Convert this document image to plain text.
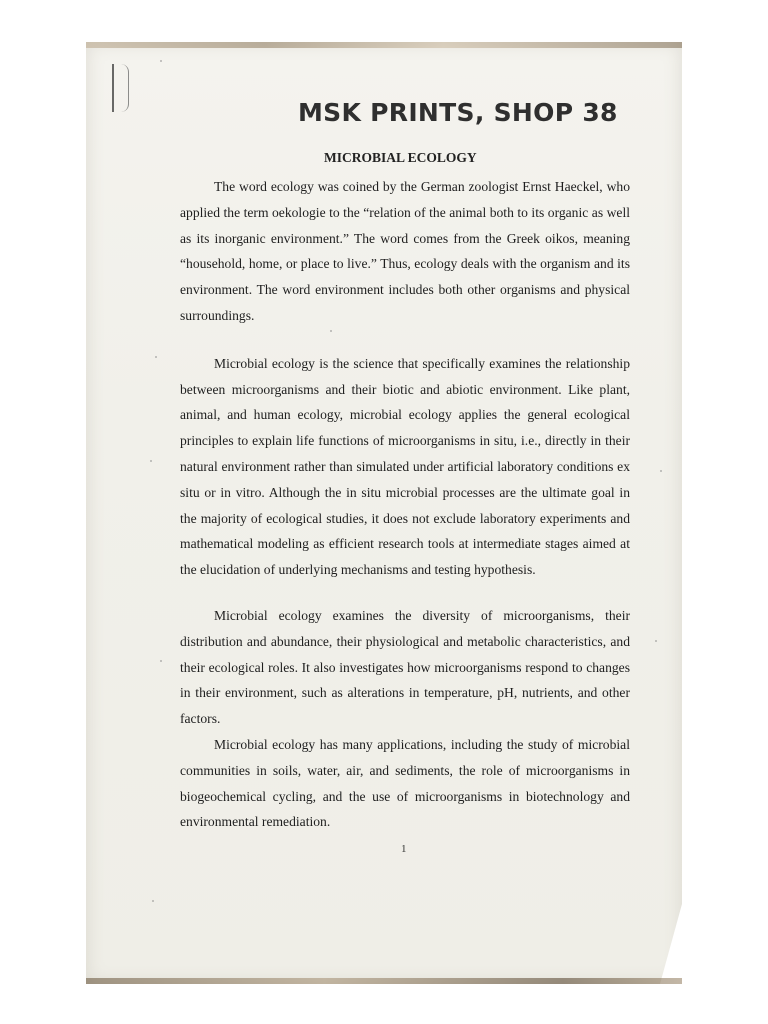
MSK PRINTS, SHOP 38
MICROBIAL ECOLOGY

The word ecology was coined by the German zoologist Ernst Haeckel, who applied the term oekologie to the “relation of the animal both to its organic as well as its inorganic environment.” The word comes from the Greek oikos, meaning “household, home, or place to live.” Thus, ecology deals with the organism and its environment. The word environment includes both other organisms and physical surroundings.

Microbial ecology is the science that specifically examines the relationship between microorganisms and their biotic and abiotic environment. Like plant, animal, and human ecology, microbial ecology applies the general ecological principles to explain life functions of microorganisms in situ, i.e., directly in their natural environment rather than simulated under artificial laboratory conditions ex situ or in vitro. Although the in situ microbial processes are the ultimate goal in the majority of ecological studies, it does not exclude laboratory experiments and mathematical modeling as efficient research tools at intermediate stages aimed at the elucidation of underlying mechanisms and testing hypothesis.

Microbial ecology examines the diversity of microorganisms, their distribution and abundance, their physiological and metabolic characteristics, and their ecological roles. It also investigates how microorganisms respond to changes in their environment, such as alterations in temperature, pH, nutrients, and other factors.

Microbial ecology has many applications, including the study of microbial communities in soils, water, air, and sediments, the role of microorganisms in biogeochemical cycling, and the use of microorganisms in biotechnology and environmental remediation.

1
